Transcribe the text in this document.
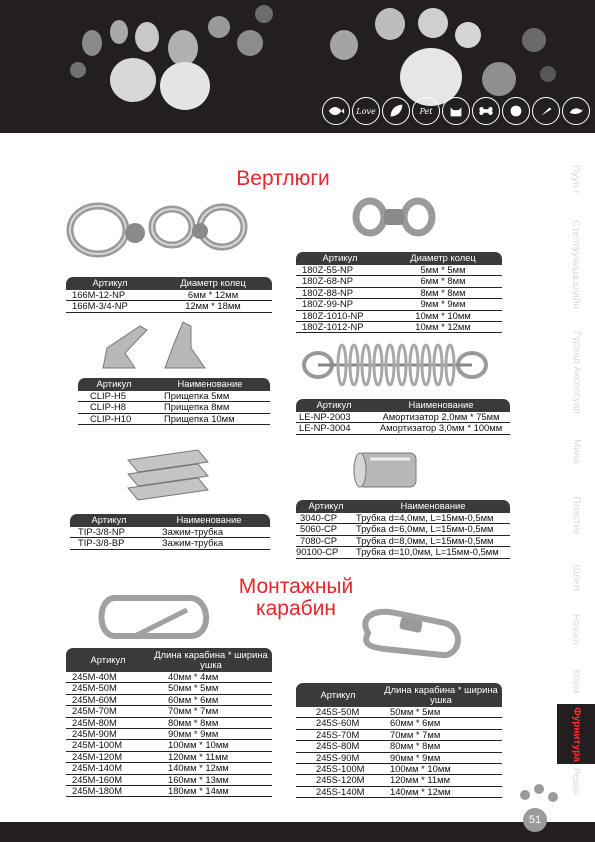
Love	Pet
Пуул г
Стептуунишкалайн
Гүрэнд Аксессуар
Мина
Пластик
Шлеп
Нэзэгл
Корм
Фурнитура
Резон
Вертлюги
Артикул	Диаметр колец
166M-12-NP	6мм * 12мм
166M-3/4-NP	12мм * 18мм
Артикул	Диаметр колец
180Z-55-NP	5мм * 5мм
180Z-68-NP	6мм * 8мм
180Z-88-NP	8мм * 8мм
180Z-99-NP	9мм * 9мм
180Z-1010-NP	10мм * 10мм
180Z-1012-NP	10мм * 12мм
Артикул	Наименование
CLIP-H5	Прищепка 5мм
CLIP-H8	Прищепка 8мм
CLIP-H10	Прищепка 10мм
Артикул	Наименование
LE-NP-2003	Амортизатор 2,0мм * 75мм
LE-NP-3004	Амортизатор 3,0мм * 100мм
Артикул	Наименование
TIP-3/8-NP	Зажим-трубка
TIP-3/8-BP	Зажим-трубка
Артикул	Наименование
3040-CP	Трубка d=4,0мм, L=15мм-0,5мм
5060-CP	Трубка d=6,0мм, L=15мм-0,5мм
7080-CP	Трубка d=8,0мм, L=15мм-0,5мм
90100-CP	Трубка d=10,0мм, L=15мм-0,5мм
Монтажный
карабин
Артикул	Длина карабина * ширина ушка
245M-40M	40мм * 4мм
245M-50M	50мм * 5мм
245M-60M	60мм * 6мм
245M-70M	70мм * 7мм
245M-80M	80мм * 8мм
245M-90M	90мм * 9мм
245M-100M	100мм * 10мм
245M-120M	120мм * 11мм
245M-140M	140мм * 12мм
245M-160M	160мм * 13мм
245M-180M	180мм * 14мм
Артикул	Длина карабина * ширина ушка
245S-50M	50мм * 5мм
245S-60M	60мм * 6мм
245S-70M	70мм * 7мм
245S-80M	80мм * 8мм
245S-90M	90мм * 9мм
245S-100M	100мм * 10мм
245S-120M	120мм * 11мм
245S-140M	140мм * 12мм
51
